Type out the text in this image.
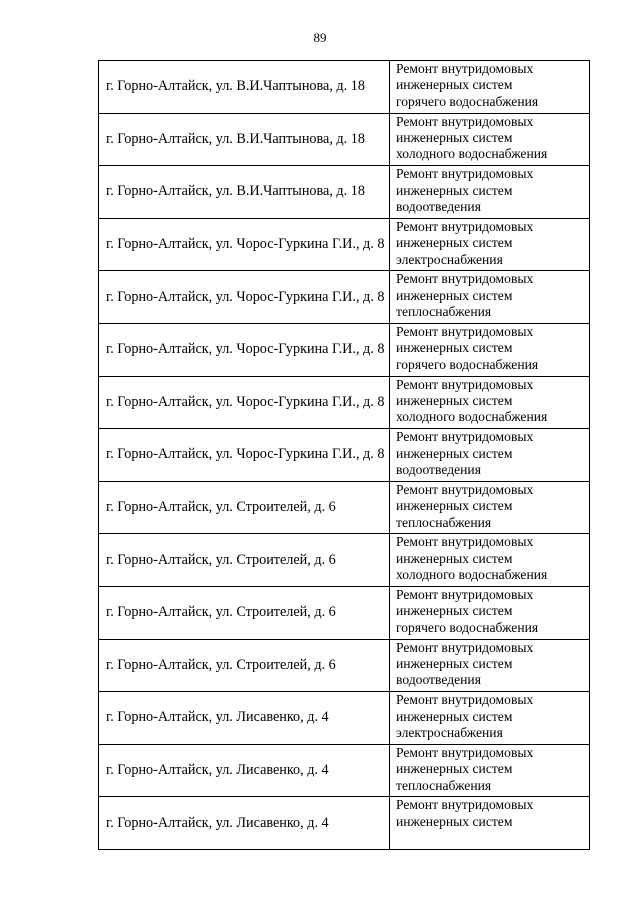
89
г. Горно-Алтайск, ул. В.И.Чаптынова, д. 18	Ремонт внутридомовых
инженерных систем
горячего водоснабжения

г. Горно-Алтайск, ул. В.И.Чаптынова, д. 18	Ремонт внутридомовых
инженерных систем
холодного водоснабжения

г. Горно-Алтайск, ул. В.И.Чаптынова, д. 18	Ремонт внутридомовых
инженерных систем
водоотведения

г. Горно-Алтайск, ул. Чорос-Гуркина Г.И., д. 8	Ремонт внутридомовых
инженерных систем
электроснабжения

г. Горно-Алтайск, ул. Чорос-Гуркина Г.И., д. 8	Ремонт внутридомовых
инженерных систем
теплоснабжения

г. Горно-Алтайск, ул. Чорос-Гуркина Г.И., д. 8	Ремонт внутридомовых
инженерных систем
горячего водоснабжения

г. Горно-Алтайск, ул. Чорос-Гуркина Г.И., д. 8	Ремонт внутридомовых
инженерных систем
холодного водоснабжения

г. Горно-Алтайск, ул. Чорос-Гуркина Г.И., д. 8	Ремонт внутридомовых
инженерных систем
водоотведения

г. Горно-Алтайск, ул. Строителей, д. 6	Ремонт внутридомовых
инженерных систем
теплоснабжения

г. Горно-Алтайск, ул. Строителей, д. 6	Ремонт внутридомовых
инженерных систем
холодного водоснабжения

г. Горно-Алтайск, ул. Строителей, д. 6	Ремонт внутридомовых
инженерных систем
горячего водоснабжения

г. Горно-Алтайск, ул. Строителей, д. 6	Ремонт внутридомовых
инженерных систем
водоотведения

г. Горно-Алтайск, ул. Лисавенко, д. 4	Ремонт внутридомовых
инженерных систем
электроснабжения

г. Горно-Алтайск, ул. Лисавенко, д. 4	Ремонт внутридомовых
инженерных систем
теплоснабжения

г. Горно-Алтайск, ул. Лисавенко, д. 4	Ремонт внутридомовых
инженерных систем
